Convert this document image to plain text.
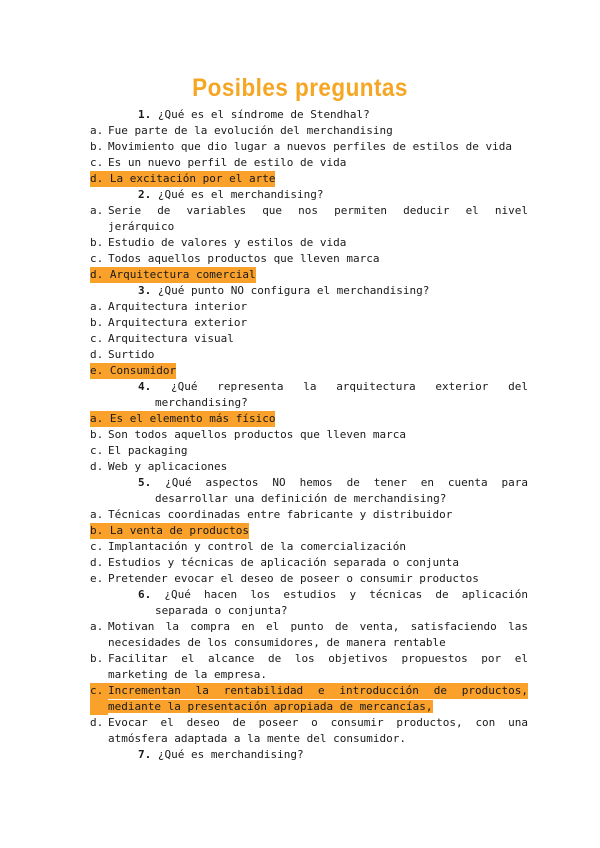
Posibles preguntas
1. ¿Qué es el síndrome de Stendhal?
a. Fue parte de la evolución del merchandising
b. Movimiento que dio lugar a nuevos perfiles de estilos de vida
c. Es un nuevo perfil de estilo de vida
d. La excitación por el arte
2. ¿Qué es el merchandising?
a. Serie de variables que nos permiten deducir el nivel
jerárquico
b. Estudio de valores y estilos de vida
c. Todos aquellos productos que lleven marca
d. Arquitectura comercial
3. ¿Qué punto NO configura el merchandising?
a. Arquitectura interior
b. Arquitectura exterior
c. Arquitectura visual
d. Surtido
e. Consumidor
4. ¿Qué representa la arquitectura exterior del
merchandising?
a. Es el elemento más físico
b. Son todos aquellos productos que lleven marca
c. El packaging
d. Web y aplicaciones
5. ¿Qué aspectos NO hemos de tener en cuenta para
desarrollar una definición de merchandising?
a. Técnicas coordinadas entre fabricante y distribuidor
b. La venta de productos
c. Implantación y control de la comercialización
d. Estudios y técnicas de aplicación separada o conjunta
e. Pretender evocar el deseo de poseer o consumir productos
6. ¿Qué hacen los estudios y técnicas de aplicación
separada o conjunta?
a. Motivan la compra en el punto de venta, satisfaciendo las
necesidades de los consumidores, de manera rentable
b. Facilitar el alcance de los objetivos propuestos por el
marketing de la empresa.
c. Incrementan la rentabilidad e introducción de productos,
mediante la presentación apropiada de mercancías,
d. Evocar el deseo de poseer o consumir productos, con una
atmósfera adaptada a la mente del consumidor.
7. ¿Qué es merchandising?
